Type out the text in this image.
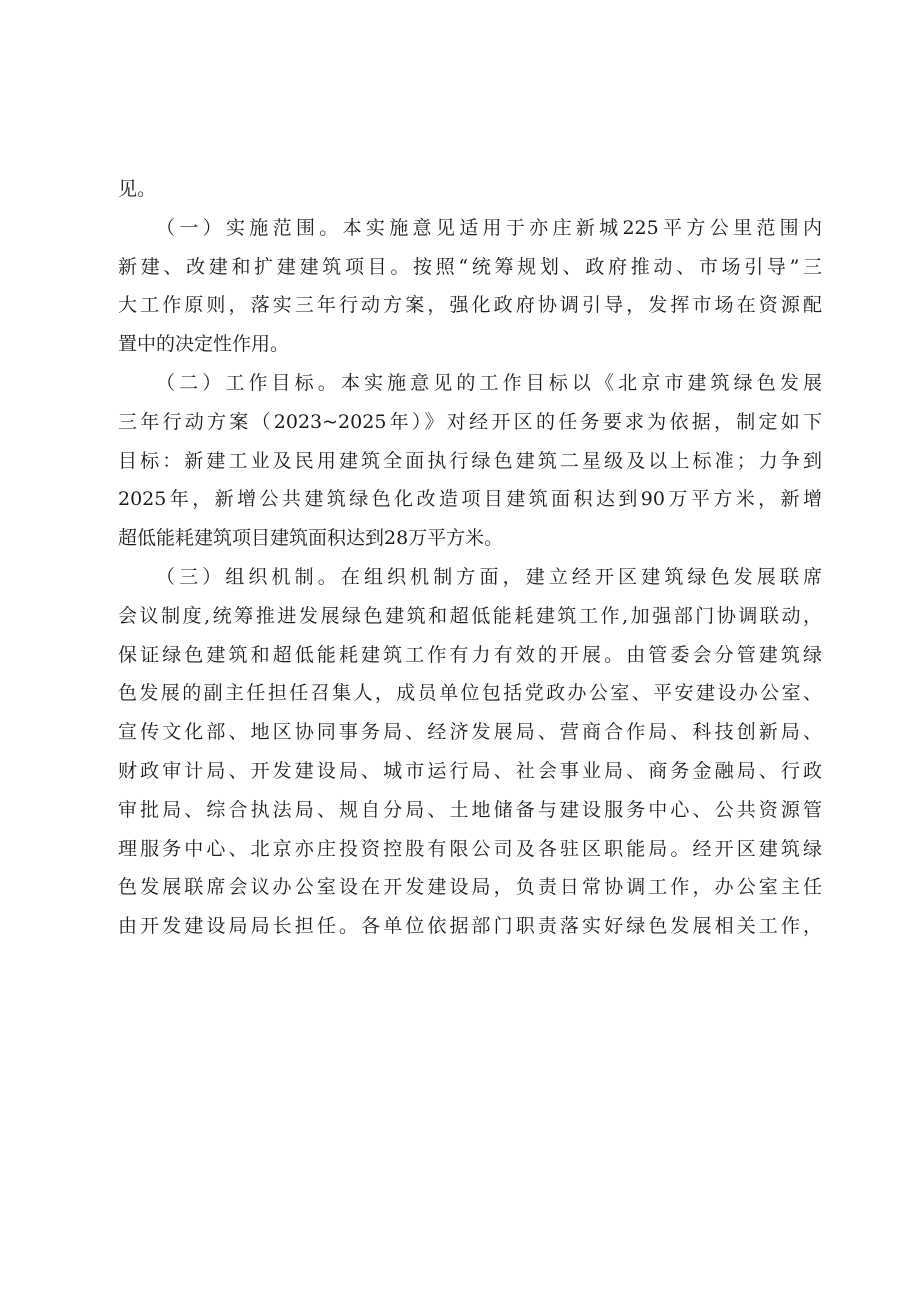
见。
（一）实施范围。本实施意见适用于亦庄新城225平方公里范围内
新建、改建和扩建建筑项目。按照“统筹规划、政府推动、市场引导”三
大工作原则，落实三年行动方案，强化政府协调引导，发挥市场在资源配
置中的决定性作用。
（二）工作目标。本实施意见的工作目标以《北京市建筑绿色发展
三年行动方案（2023~2025年）》对经开区的任务要求为依据，制定如下
目标：新建工业及民用建筑全面执行绿色建筑二星级及以上标准；力争到
2025年，新增公共建筑绿色化改造项目建筑面积达到90万平方米，新增
超低能耗建筑项目建筑面积达到28万平方米。
（三）组织机制。在组织机制方面，建立经开区建筑绿色发展联席
会议制度,统筹推进发展绿色建筑和超低能耗建筑工作,加强部门协调联动，
保证绿色建筑和超低能耗建筑工作有力有效的开展。由管委会分管建筑绿
色发展的副主任担任召集人，成员单位包括党政办公室、平安建设办公室、
宣传文化部、地区协同事务局、经济发展局、营商合作局、科技创新局、
财政审计局、开发建设局、城市运行局、社会事业局、商务金融局、行政
审批局、综合执法局、规自分局、土地储备与建设服务中心、公共资源管
理服务中心、北京亦庄投资控股有限公司及各驻区职能局。经开区建筑绿
色发展联席会议办公室设在开发建设局，负责日常协调工作，办公室主任
由开发建设局局长担任。各单位依据部门职责落实好绿色发展相关工作，
